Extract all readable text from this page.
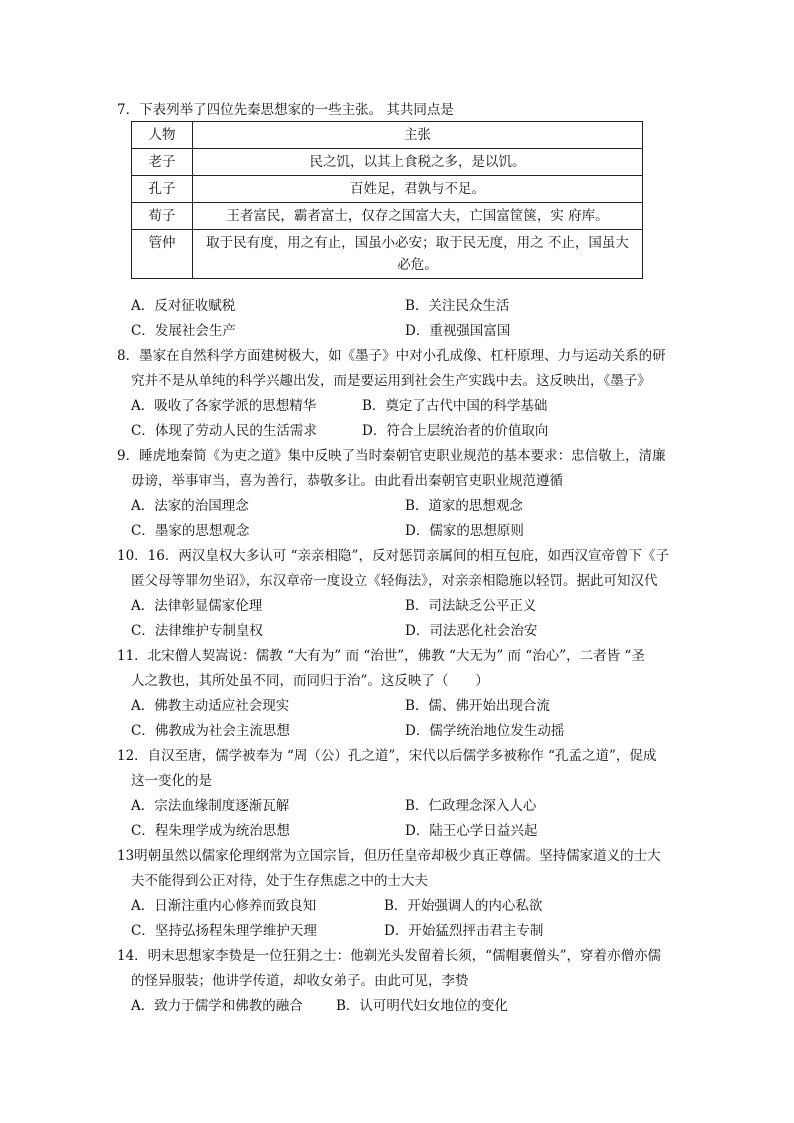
7．下表列举了四位先秦思想家的一些主张。 其共同点是
人物	主张
老子	民之饥，以其上食税之多，是以饥。
孔子	百姓足，君孰与不足。
荀子	王者富民，霸者富士，仅存之国富大夫，亡国富筐箧，实 府库。
管仲	取于民有度，用之有止，国虽小必安；取于民无度，用之 不止，国虽大
必危。
A．反对征收赋税	B．关注民众生活
C．发展社会生产	D．重视强国富国
8．墨家在自然科学方面建树极大，如《墨子》中对小孔成像、杠杆原理、力与运动关系的研
究并不是从单纯的科学兴趣出发，而是要运用到社会生产实践中去。这反映出，《墨子》
A．吸收了各家学派的思想精华	B．奠定了古代中国的科学基础
C．体现了劳动人民的生活需求	D．符合上层统治者的价值取向
9．睡虎地秦简《为吏之道》集中反映了当时秦朝官吏职业规范的基本要求：忠信敬上，清廉
毋谤，举事审当，喜为善行，恭敬多让。由此看出秦朝官吏职业规范遵循
A．法家的治国理念	B．道家的思想观念
C．墨家的思想观念	D．儒家的思想原则
10．16．两汉皇权大多认可 “亲亲相隐”，反对惩罚亲属间的相互包庇，如西汉宣帝曾下《子
匿父母等罪勿坐诏》，东汉章帝一度设立《轻侮法》，对亲亲相隐施以轻罚。据此可知汉代
A．法律彰显儒家伦理	B．司法缺乏公平正义
C．法律维护专制皇权	D．司法恶化社会治安
11．北宋僧人契嵩说：儒教 “大有为” 而 “治世”，佛教 “大无为” 而 “治心”，二者皆 “圣
人之教也，其所处虽不同，而同归于治”。这反映了（　　）
A．佛教主动适应社会现实	B．儒、佛开始出现合流
C．佛教成为社会主流思想	D．儒学统治地位发生动摇
12．自汉至唐，儒学被奉为 “周（公）孔之道”，宋代以后儒学多被称作 “孔孟之道”，促成
这一变化的是
A．宗法血缘制度逐渐瓦解	B．仁政理念深入人心
C．程朱理学成为统治思想	D．陆王心学日益兴起
13明朝虽然以儒家伦理纲常为立国宗旨，但历任皇帝却极少真正尊儒。坚持儒家道义的士大
夫不能得到公正对待，处于生存焦虑之中的士大夫
A．日渐注重内心修养而致良知	B．开始强调人的内心私欲
C．坚持弘扬程朱理学维护天理	D．开始猛烈抨击君主专制
14．明末思想家李贽是一位狂狷之士：他剃光头发留着长须，“儒帽裹僧头”，穿着亦僧亦儒
的怪异服装；他讲学传道，却收女弟子。由此可见，李贽
A．致力于儒学和佛教的融合 B．认可明代妇女地位的变化
